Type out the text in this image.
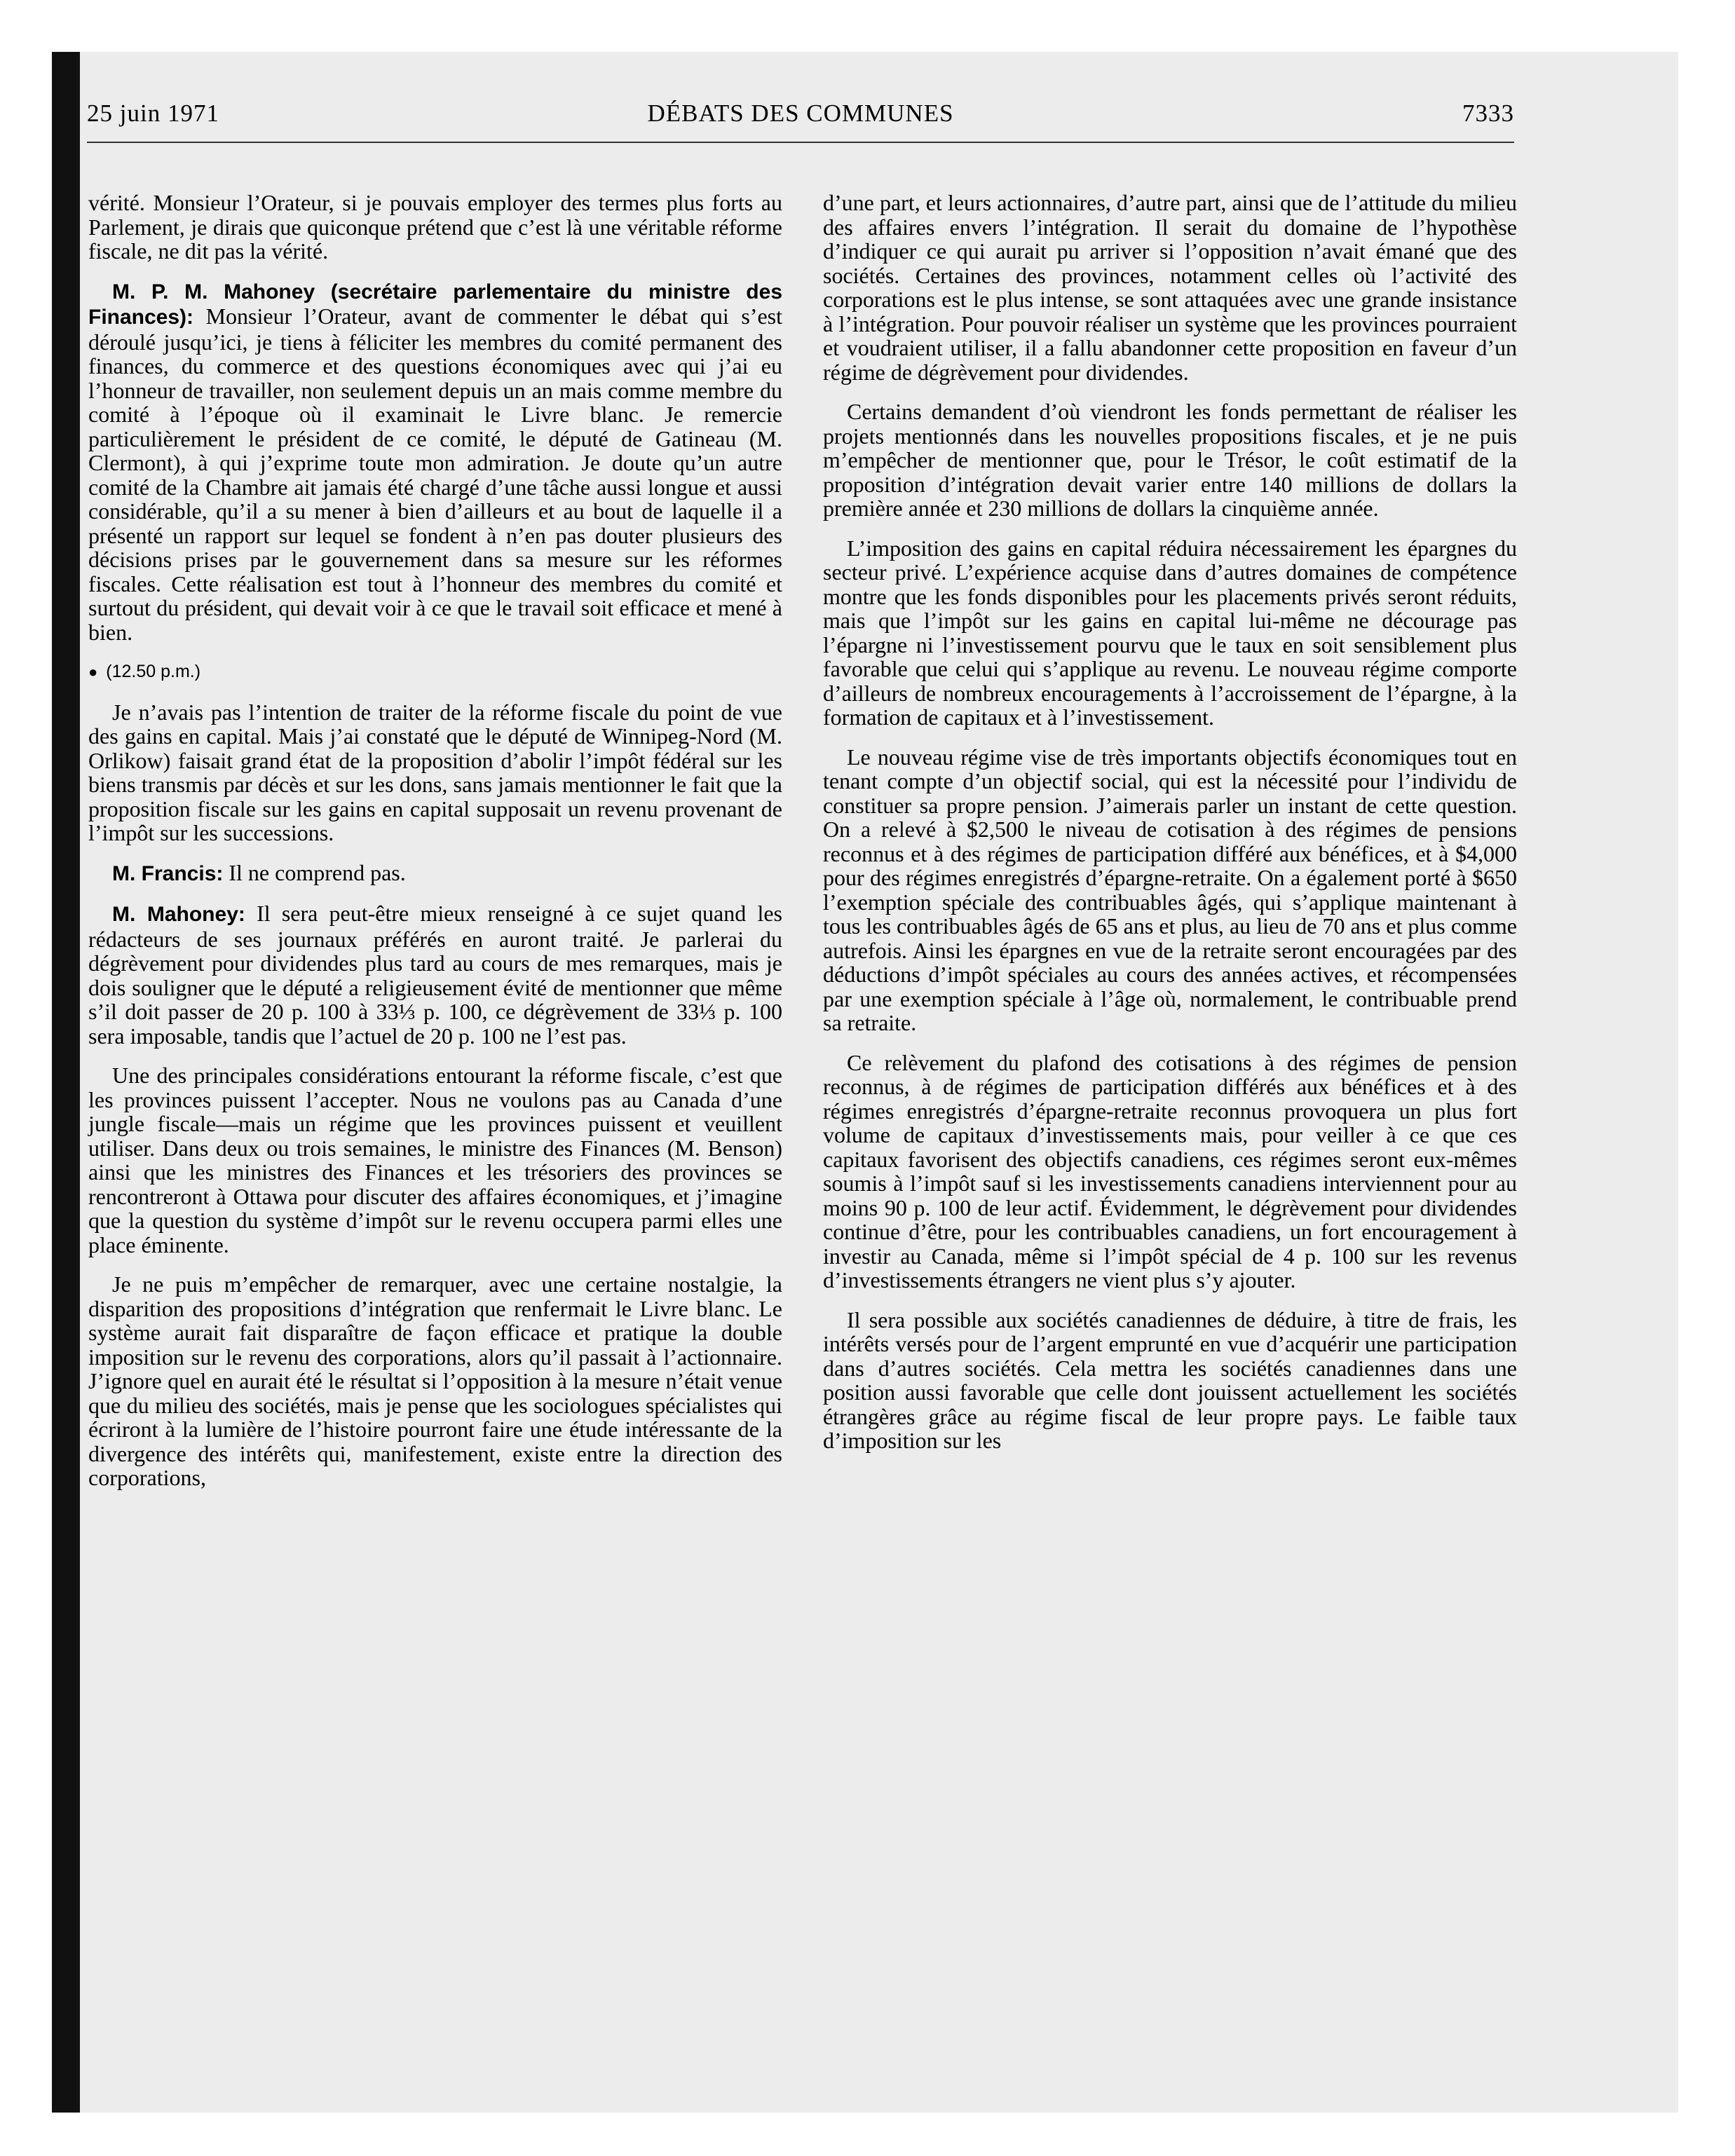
25 juin 1971	DÉBATS DES COMMUNES	7333

vérité. Monsieur l’Orateur, si je pouvais employer des termes plus forts au Parlement, je dirais que quiconque prétend que c’est là une véritable réforme fiscale, ne dit pas la vérité.

M. P. M. Mahoney (secrétaire parlementaire du ministre des Finances): Monsieur l’Orateur, avant de commenter le débat qui s’est déroulé jusqu’ici, je tiens à féliciter les membres du comité permanent des finances, du commerce et des questions économiques avec qui j’ai eu l’honneur de travailler, non seulement depuis un an mais comme membre du comité à l’époque où il examinait le Livre blanc. Je remercie particulièrement le président de ce comité, le député de Gatineau (M. Clermont), à qui j’exprime toute mon admiration. Je doute qu’un autre comité de la Chambre ait jamais été chargé d’une tâche aussi longue et aussi considérable, qu’il a su mener à bien d’ailleurs et au bout de laquelle il a présenté un rapport sur lequel se fondent à n’en pas douter plusieurs des décisions prises par le gouvernement dans sa mesure sur les réformes fiscales. Cette réalisation est tout à l’honneur des membres du comité et surtout du président, qui devait voir à ce que le travail soit efficace et mené à bien.

● (12.50 p.m.)

Je n’avais pas l’intention de traiter de la réforme fiscale du point de vue des gains en capital. Mais j’ai constaté que le député de Winnipeg-Nord (M. Orlikow) faisait grand état de la proposition d’abolir l’impôt fédéral sur les biens transmis par décès et sur les dons, sans jamais mentionner le fait que la proposition fiscale sur les gains en capital supposait un revenu provenant de l’impôt sur les successions.

M. Francis: Il ne comprend pas.

M. Mahoney: Il sera peut-être mieux renseigné à ce sujet quand les rédacteurs de ses journaux préférés en auront traité. Je parlerai du dégrèvement pour dividendes plus tard au cours de mes remarques, mais je dois souligner que le député a religieusement évité de mentionner que même s’il doit passer de 20 p. 100 à 33⅓ p. 100, ce dégrèvement de 33⅓ p. 100 sera imposable, tandis que l’actuel de 20 p. 100 ne l’est pas.

Une des principales considérations entourant la réforme fiscale, c’est que les provinces puissent l’accepter. Nous ne voulons pas au Canada d’une jungle fiscale—mais un régime que les provinces puissent et veuillent utiliser. Dans deux ou trois semaines, le ministre des Finances (M. Benson) ainsi que les ministres des Finances et les trésoriers des provinces se rencontreront à Ottawa pour discuter des affaires économiques, et j’imagine que la question du système d’impôt sur le revenu occupera parmi elles une place éminente.

Je ne puis m’empêcher de remarquer, avec une certaine nostalgie, la disparition des propositions d’intégration que renfermait le Livre blanc. Le système aurait fait disparaître de façon efficace et pratique la double imposition sur le revenu des corporations, alors qu’il passait à l’actionnaire. J’ignore quel en aurait été le résultat si l’opposition à la mesure n’était venue que du milieu des sociétés, mais je pense que les sociologues spécialistes qui écriront à la lumière de l’histoire pourront faire une étude intéressante de la divergence des intérêts qui, manifestement, existe entre la direction des corporations,

d’une part, et leurs actionnaires, d’autre part, ainsi que de l’attitude du milieu des affaires envers l’intégration. Il serait du domaine de l’hypothèse d’indiquer ce qui aurait pu arriver si l’opposition n’avait émané que des sociétés. Certaines des provinces, notamment celles où l’activité des corporations est le plus intense, se sont attaquées avec une grande insistance à l’intégration. Pour pouvoir réaliser un système que les provinces pourraient et voudraient utiliser, il a fallu abandonner cette proposition en faveur d’un régime de dégrèvement pour dividendes.

Certains demandent d’où viendront les fonds permettant de réaliser les projets mentionnés dans les nouvelles propositions fiscales, et je ne puis m’empêcher de mentionner que, pour le Trésor, le coût estimatif de la proposition d’intégration devait varier entre 140 millions de dollars la première année et 230 millions de dollars la cinquième année.

L’imposition des gains en capital réduira nécessairement les épargnes du secteur privé. L’expérience acquise dans d’autres domaines de compétence montre que les fonds disponibles pour les placements privés seront réduits, mais que l’impôt sur les gains en capital lui-même ne décourage pas l’épargne ni l’investissement pourvu que le taux en soit sensiblement plus favorable que celui qui s’applique au revenu. Le nouveau régime comporte d’ailleurs de nombreux encouragements à l’accroissement de l’épargne, à la formation de capitaux et à l’investissement.

Le nouveau régime vise de très importants objectifs économiques tout en tenant compte d’un objectif social, qui est la nécessité pour l’individu de constituer sa propre pension. J’aimerais parler un instant de cette question. On a relevé à $2,500 le niveau de cotisation à des régimes de pensions reconnus et à des régimes de participation différé aux bénéfices, et à $4,000 pour des régimes enregistrés d’épargne-retraite. On a également porté à $650 l’exemption spéciale des contribuables âgés, qui s’applique maintenant à tous les contribuables âgés de 65 ans et plus, au lieu de 70 ans et plus comme autrefois. Ainsi les épargnes en vue de la retraite seront encouragées par des déductions d’impôt spéciales au cours des années actives, et récompensées par une exemption spéciale à l’âge où, normalement, le contribuable prend sa retraite.

Ce relèvement du plafond des cotisations à des régimes de pension reconnus, à de régimes de participation différés aux bénéfices et à des régimes enregistrés d’épargne-retraite reconnus provoquera un plus fort volume de capitaux d’investissements mais, pour veiller à ce que ces capitaux favorisent des objectifs canadiens, ces régimes seront eux-mêmes soumis à l’impôt sauf si les investissements canadiens interviennent pour au moins 90 p. 100 de leur actif. Évidemment, le dégrèvement pour dividendes continue d’être, pour les contribuables canadiens, un fort encouragement à investir au Canada, même si l’impôt spécial de 4 p. 100 sur les revenus d’investissements étrangers ne vient plus s’y ajouter.

Il sera possible aux sociétés canadiennes de déduire, à titre de frais, les intérêts versés pour de l’argent emprunté en vue d’acquérir une participation dans d’autres sociétés. Cela mettra les sociétés canadiennes dans une position aussi favorable que celle dont jouissent actuellement les sociétés étrangères grâce au régime fiscal de leur propre pays. Le faible taux d’imposition sur les
